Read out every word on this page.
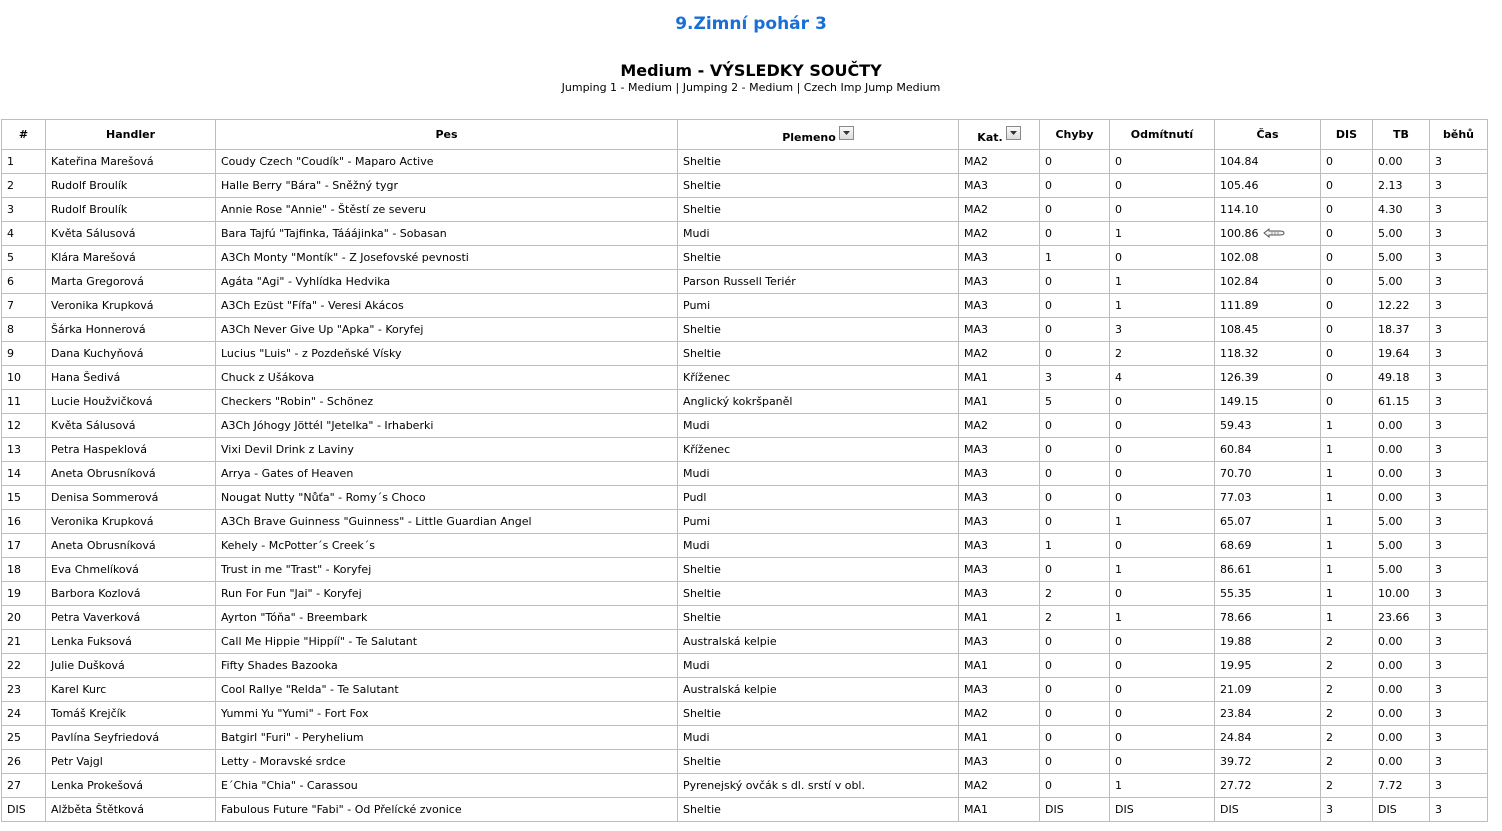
9.Zimní pohár 3
Medium - VÝSLEDKY SOUČTY
Jumping 1 - Medium | Jumping 2 - Medium | Czech Imp Jump Medium
#	Handler	Pes	Plemeno	Kat.	Chyby	Odmítnutí	Čas	DIS	TB	běhů
1	Kateřina Marešová	Coudy Czech "Coudík" - Maparo Active	Sheltie	MA2	0	0	104.84	0	0.00	3
2	Rudolf Broulík	Halle Berry "Bára" - Sněžný tygr	Sheltie	MA3	0	0	105.46	0	2.13	3
3	Rudolf Broulík	Annie Rose "Annie" - Štěstí ze severu	Sheltie	MA2	0	0	114.10	0	4.30	3
4	Květa Sálusová	Bara Tajfú "Tajfinka, Táááj​inka" - Sobasan	Mudi	MA2	0	1	100.86	0	5.00	3
5	Klára Marešová	A3Ch Monty "Montík" - Z Josefovské pevnosti	Sheltie	MA3	1	0	102.08	0	5.00	3
6	Marta Gregorová	Agáta "Agi" - Vyhlídka Hedvika	Parson Russell Teriér	MA3	0	1	102.84	0	5.00	3
7	Veronika Krupková	A3Ch Ezüst "Fífa" - Veresi Akácos	Pumi	MA3	0	1	111.89	0	12.22	3
8	Šárka Honnerová	A3Ch Never Give Up "Apka" - Koryfej	Sheltie	MA3	0	3	108.45	0	18.37	3
9	Dana Kuchyňová	Lucius "Luis" - z Pozdeňské Vísky	Sheltie	MA2	0	2	118.32	0	19.64	3
10	Hana Šedivá	Chuck z Ušákova	Kříženec	MA1	3	4	126.39	0	49.18	3
11	Lucie Houžvičková	Checkers "Robin" - Schönez	Anglický kokršpaněl	MA1	5	0	149.15	0	61.15	3
12	Květa Sálusová	A3Ch Jóhogy Jöttél "Jetelka" - Irhaberki	Mudi	MA2	0	0	59.43	1	0.00	3
13	Petra Haspeklová	Vixi Devil Drink z Laviny	Kříženec	MA3	0	0	60.84	1	0.00	3
14	Aneta Obrusníková	Arrya - Gates of Heaven	Mudi	MA3	0	0	70.70	1	0.00	3
15	Denisa Sommerová	Nougat Nutty "Nůťa" - Romy´s Choco	Pudl	MA3	0	0	77.03	1	0.00	3
16	Veronika Krupková	A3Ch Brave Guinness "Guinness" - Little Guardian Angel	Pumi	MA3	0	1	65.07	1	5.00	3
17	Aneta Obrusníková	Kehely - McPotter´s Creek´s	Mudi	MA3	1	0	68.69	1	5.00	3
18	Eva Chmelíková	Trust in me "Trast" - Koryfej	Sheltie	MA3	0	1	86.61	1	5.00	3
19	Barbora Kozlová	Run For Fun "Jai" - Koryfej	Sheltie	MA3	2	0	55.35	1	10.00	3
20	Petra Vaverková	Ayrton "Tóňa" - Breembark	Sheltie	MA1	2	1	78.66	1	23.66	3
21	Lenka Fuksová	Call Me Hippie "Hippíí" - Te Salutant	Australská kelpie	MA3	0	0	19.88	2	0.00	3
22	Julie Dušková	Fifty Shades Bazooka	Mudi	MA1	0	0	19.95	2	0.00	3
23	Karel Kurc	Cool Rallye "Relda" - Te Salutant	Australská kelpie	MA3	0	0	21.09	2	0.00	3
24	Tomáš Krejčík	Yummi Yu "Yumi" - Fort Fox	Sheltie	MA2	0	0	23.84	2	0.00	3
25	Pavlína Seyfriedová	Batgirl "Furi" - Peryhelium	Mudi	MA1	0	0	24.84	2	0.00	3
26	Petr Vajgl	Letty - Moravské srdce	Sheltie	MA3	0	0	39.72	2	0.00	3
27	Lenka Prokešová	E´Chia "Chia" - Carassou	Pyrenejský ovčák s dl. srstí v obl.	MA2	0	1	27.72	2	7.72	3
DIS	Alžběta Štětková	Fabulous Future "Fabi" - Od Přelícké zvonice	Sheltie	MA1	DIS	DIS	DIS	3	DIS	3
